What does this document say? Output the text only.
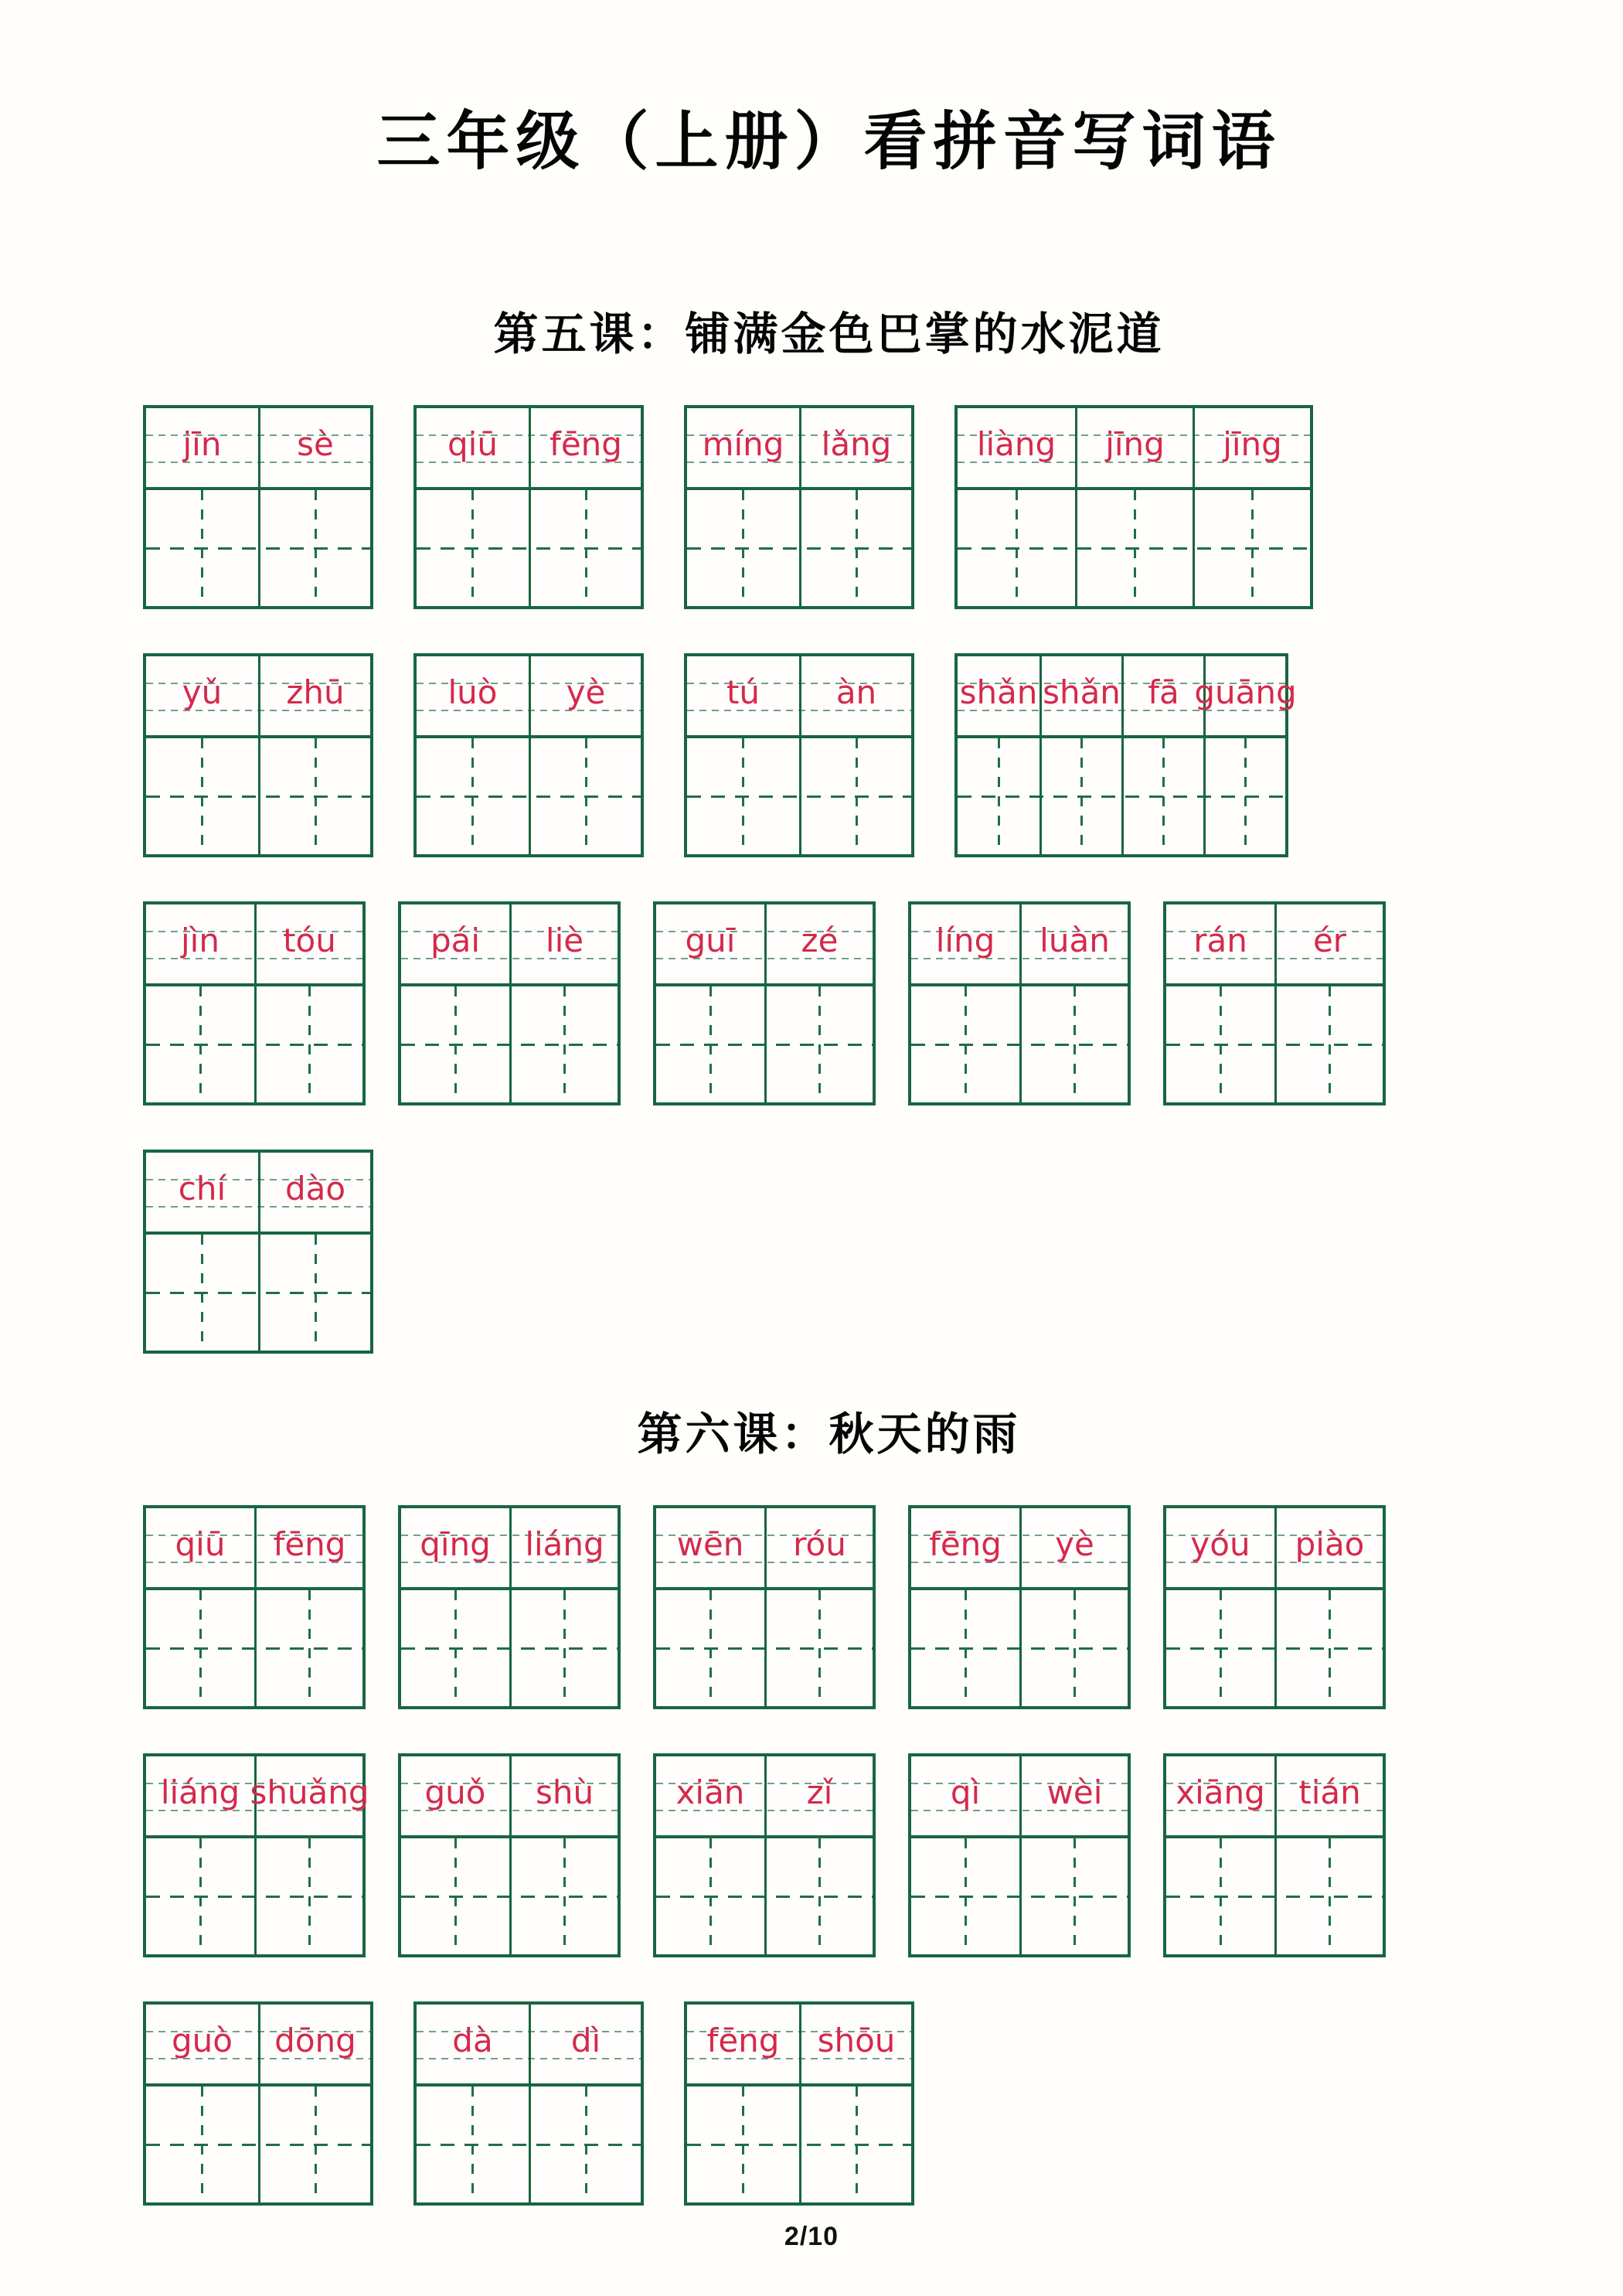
三年级（上册）看拼音写词语
第五课：铺满金色巴掌的水泥道
jīn sè	qiū fēng míng lǎng	liàng jīng jīng
yǔ zhū	luò yè	tú àn	shǎn shǎn fā guāng
jìn tóu	pái liè	guī zé	líng luàn	rán ér
chí dào
第六课：秋天的雨
qiū fēng qīng liáng wēn róu	fēng yè	yóu piào
liáng shuǎng guǒ shù	xiān zǐ	qì wèi xiāng tián
guò dōng	dà dì	fēng shōu
2/10
